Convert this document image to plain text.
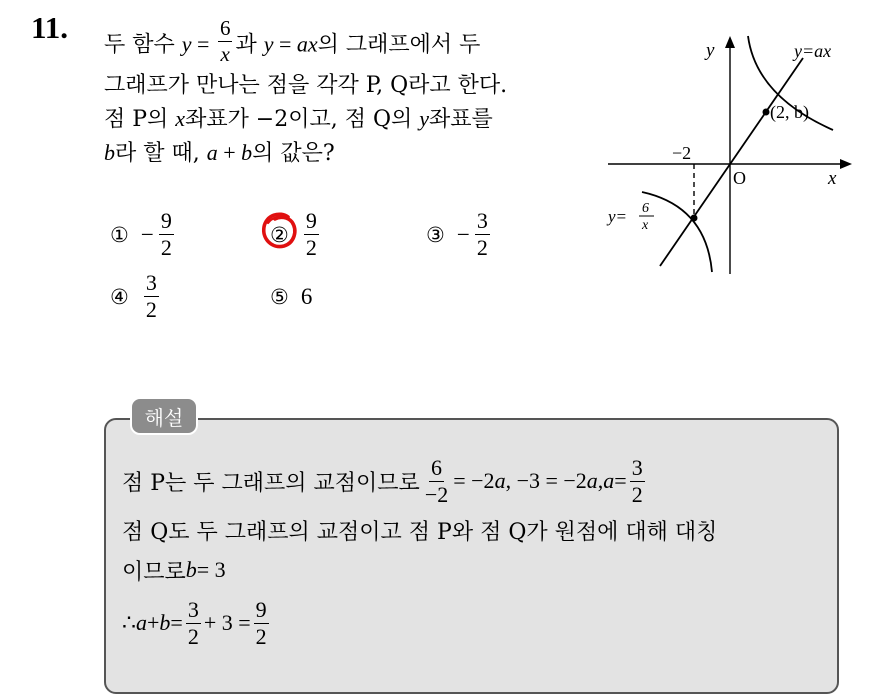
11. 두 함수 $y = \frac{6}{x}$ 과 y = ax의 그래프에서 두
그래프가 만나는 점을 각각 P, Q라고 한다.
점 P의 x좌표가 −2이고, 점 Q의 y좌표를
b라 할 때, a + b의 값은?
① − $\frac{9}{2}$	② $\frac{9}{2}$	③ − $\frac{3}{2}$
④ $\frac{3}{2}$	⑤ 6
y
x
O
y=ax
(2, b)
−2
y= 6
x
해설
점 P는 두 그래프의 교점이므로 $\frac{6}{-2} = -2$ a , −3 = −2 a , $a = \frac{3}{2}$
점 Q도 두 그래프의 교점이고 점 P와 점 Q가 원점에 대해 대칭
이므로 b = 3
∴ $a + b = \frac{3}{2} + 3 = \frac{9}{2}$
